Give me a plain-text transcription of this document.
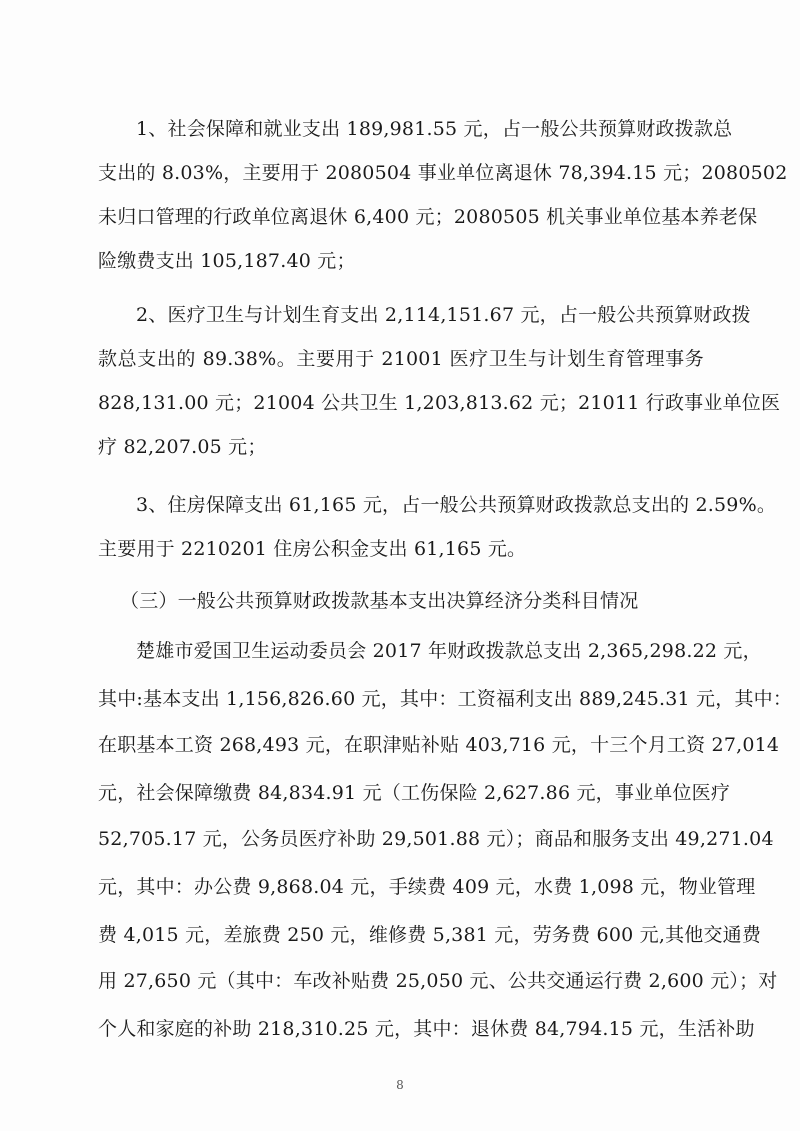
1、社会保障和就业支出 189,981.55 元，占一般公共预算财政拨款总
支出的 8.03%，主要用于 2080504 事业单位离退休 78,394.15 元；2080502
未归口管理的行政单位离退休 6,400 元；2080505 机关事业单位基本养老保
险缴费支出 105,187.40 元；
2、医疗卫生与计划生育支出 2,114,151.67 元，占一般公共预算财政拨
款总支出的 89.38%。主要用于 21001 医疗卫生与计划生育管理事务
828,131.00 元；21004 公共卫生 1,203,813.62 元；21011 行政事业单位医
疗 82,207.05 元；
3、住房保障支出 61,165 元，占一般公共预算财政拨款总支出的 2.59%。
主要用于 2210201 住房公积金支出 61,165 元。
（三）一般公共预算财政拨款基本支出决算经济分类科目情况
楚雄市爱国卫生运动委员会 2017 年财政拨款总支出 2,365,298.22 元，
其中:基本支出 1,156,826.60 元，其中：工资福利支出 889,245.31 元，其中：
在职基本工资 268,493 元，在职津贴补贴 403,716 元，十三个月工资 27,014
元，社会保障缴费 84,834.91 元（工伤保险 2,627.86 元，事业单位医疗
52,705.17 元，公务员医疗补助 29,501.88 元）；商品和服务支出 49,271.04
元，其中：办公费 9,868.04 元，手续费 409 元，水费 1,098 元，物业管理
费 4,015 元，差旅费 250 元，维修费 5,381 元，劳务费 600 元,其他交通费
用 27,650 元（其中：车改补贴费 25,050 元、公共交通运行费 2,600 元）；对
个人和家庭的补助 218,310.25 元，其中：退休费 84,794.15 元，生活补助
8
